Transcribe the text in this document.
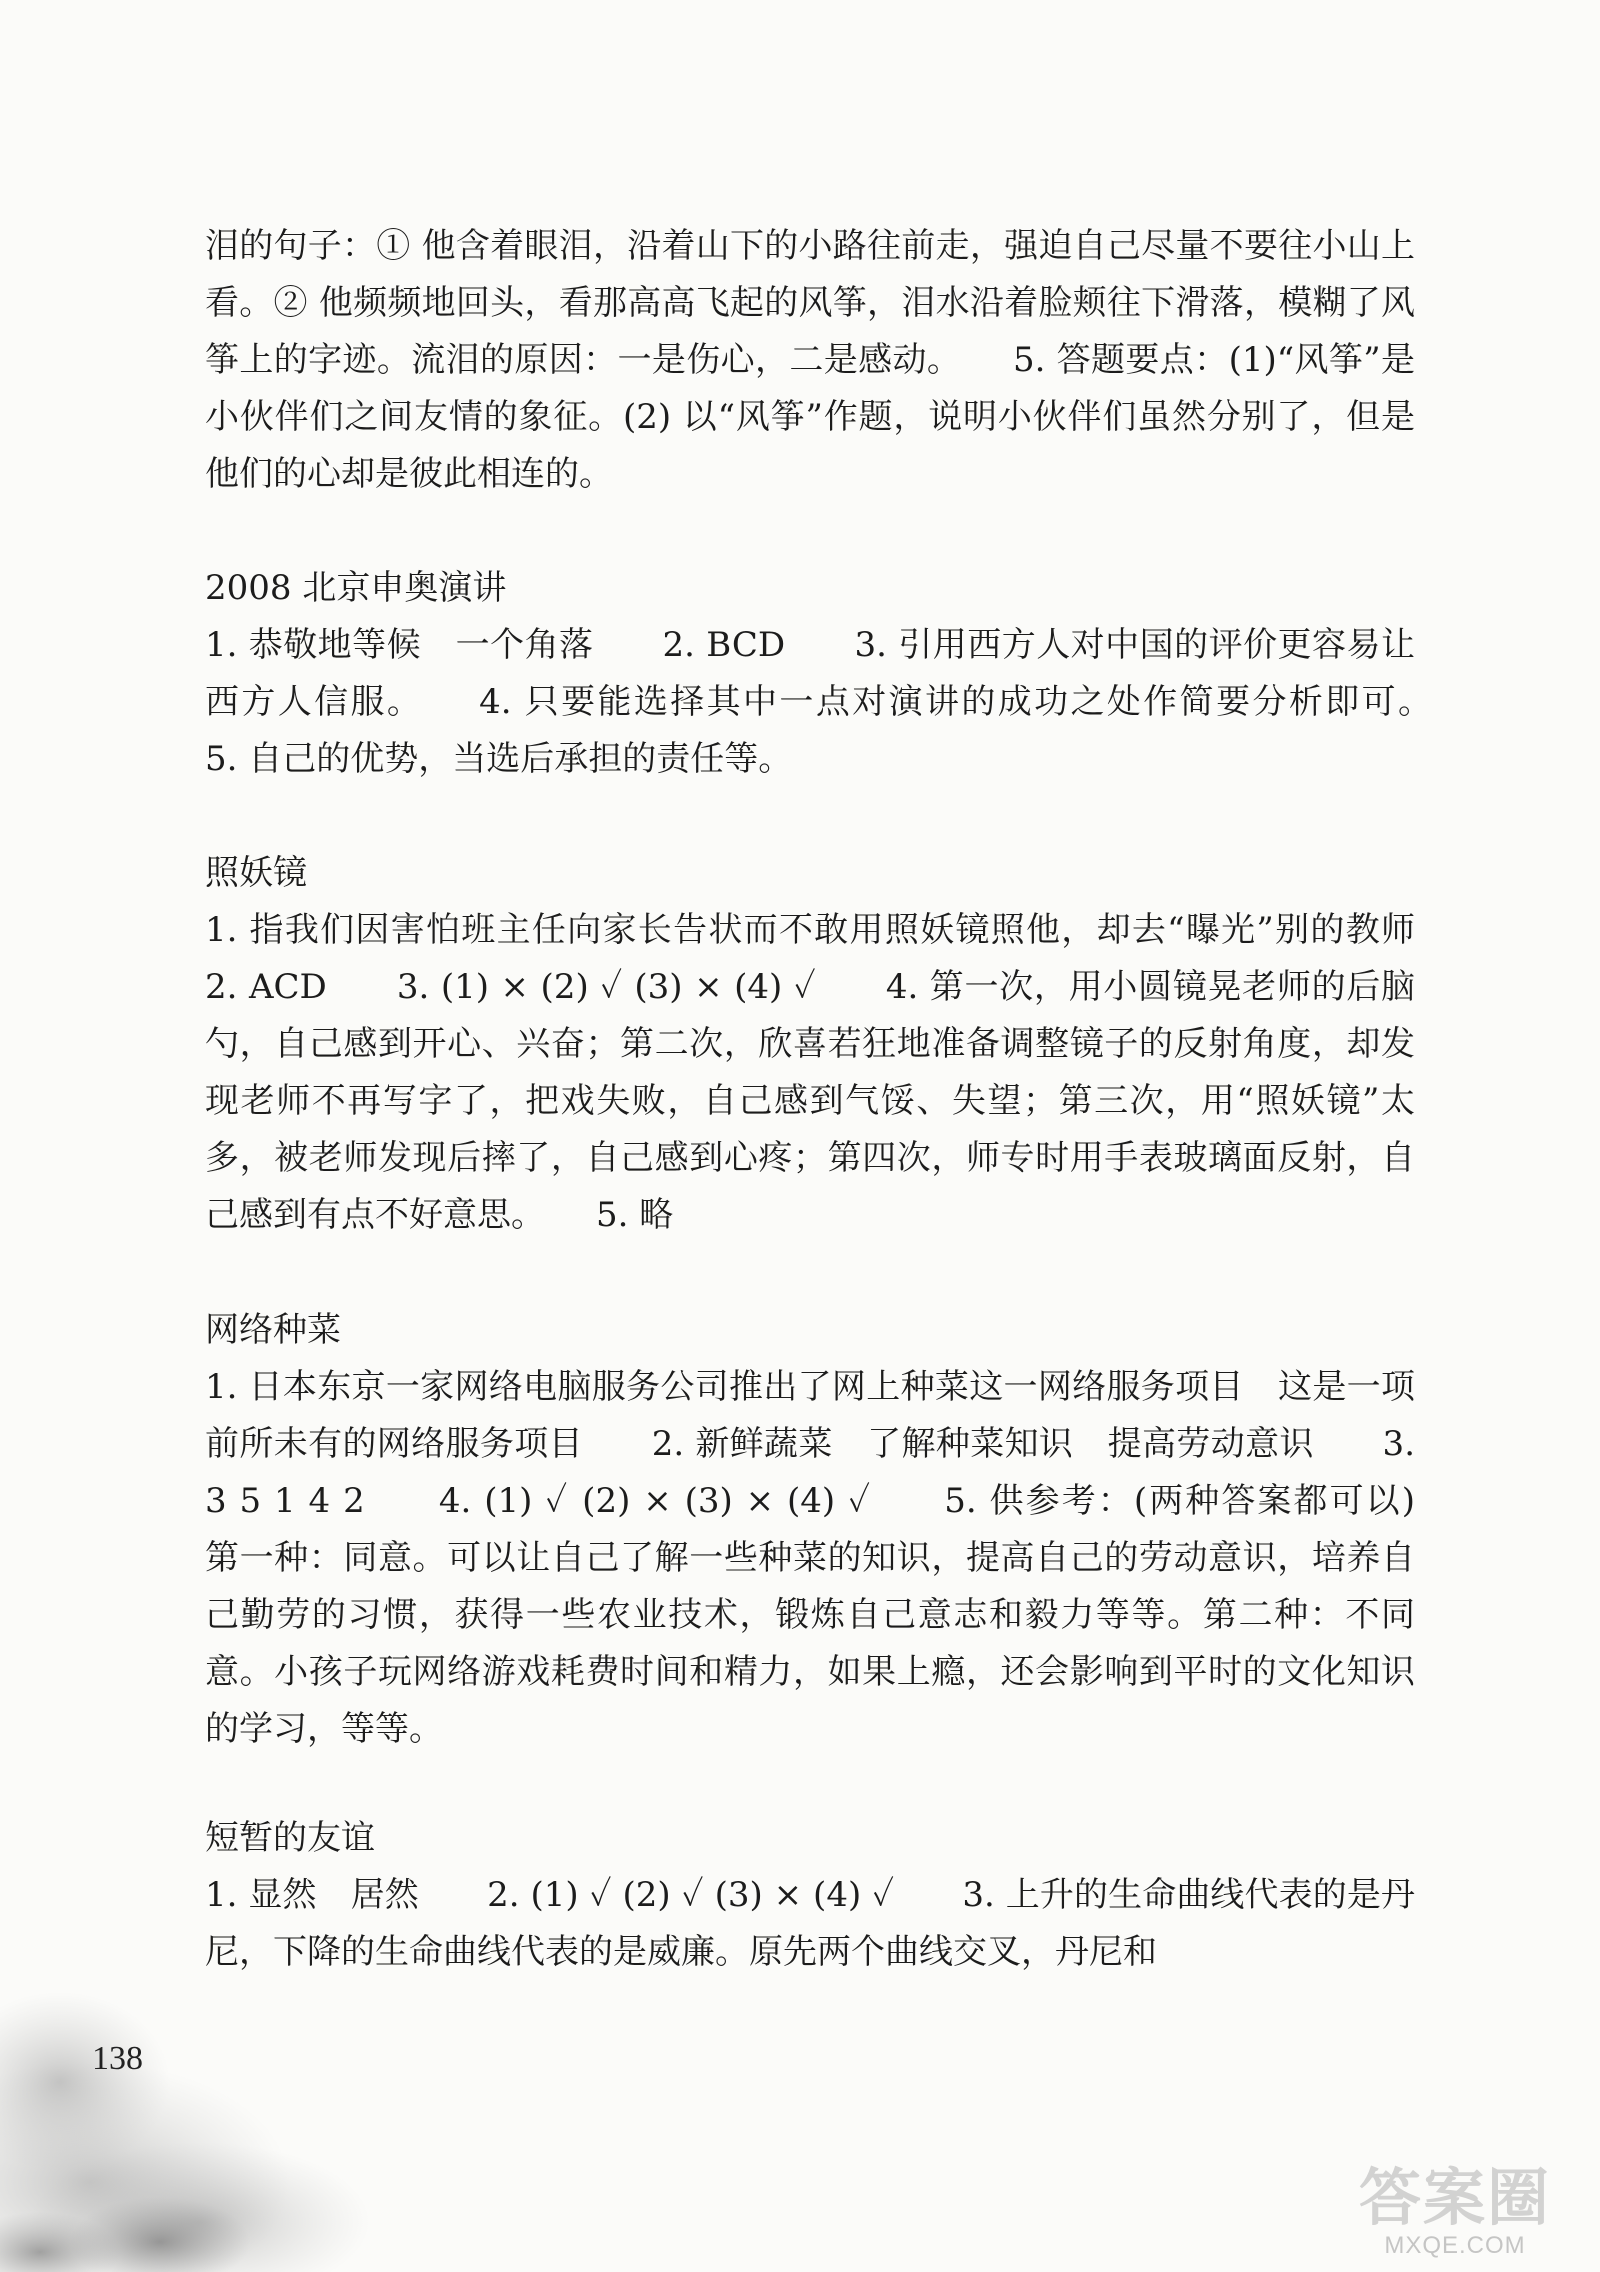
泪的句子：① 他含着眼泪，沿着山下的小路往前走，强迫自己尽量不要往小山上看。② 他频频地回头，看那高高飞起的风筝，泪水沿着脸颊往下滑落，模糊了风筝上的字迹。流泪的原因：一是伤心，二是感动。　　5. 答题要点：(1)“风筝”是小伙伴们之间友情的象征。(2) 以“风筝”作题，说明小伙伴们虽然分别了，但是他们的心却是彼此相连的。

2008 北京申奥演讲

1. 恭敬地等候　一个角落　　2. BCD　　3. 引用西方人对中国的评价更容易让西方人信服。　　4. 只要能选择其中一点对演讲的成功之处作简要分析即可。　　5. 自己的优势，当选后承担的责任等。

照妖镜

1. 指我们因害怕班主任向家长告状而不敢用照妖镜照他，却去“曝光”别的教师　　2. ACD　　3. (1) × (2) ✓ (3) × (4) ✓　　4. 第一次，用小圆镜晃老师的后脑勺，自己感到开心、兴奋；第二次，欣喜若狂地准备调整镜子的反射角度，却发现老师不再写字了，把戏失败，自己感到气馁、失望；第三次，用“照妖镜”太多，被老师发现后摔了，自己感到心疼；第四次，师专时用手表玻璃面反射，自己感到有点不好意思。　　5. 略

网络种菜

1. 日本东京一家网络电脑服务公司推出了网上种菜这一网络服务项目　这是一项前所未有的网络服务项目　　2. 新鲜蔬菜　了解种菜知识　提高劳动意识　　3. 3 5 1 4 2　　4. (1) ✓ (2) × (3) × (4) ✓　　5. 供参考：(两种答案都可以)　第一种：同意。可以让自己了解一些种菜的知识，提高自己的劳动意识，培养自己勤劳的习惯，获得一些农业技术，锻炼自己意志和毅力等等。第二种：不同意。小孩子玩网络游戏耗费时间和精力，如果上瘾，还会影响到平时的文化知识的学习，等等。

短暂的友谊

1. 显然　居然　　2. (1) ✓ (2) ✓ (3) × (4) ✓　　3. 上升的生命曲线代表的是丹尼，下降的生命曲线代表的是威廉。原先两个曲线交叉，丹尼和

138
答案圈
MXQE.COM
